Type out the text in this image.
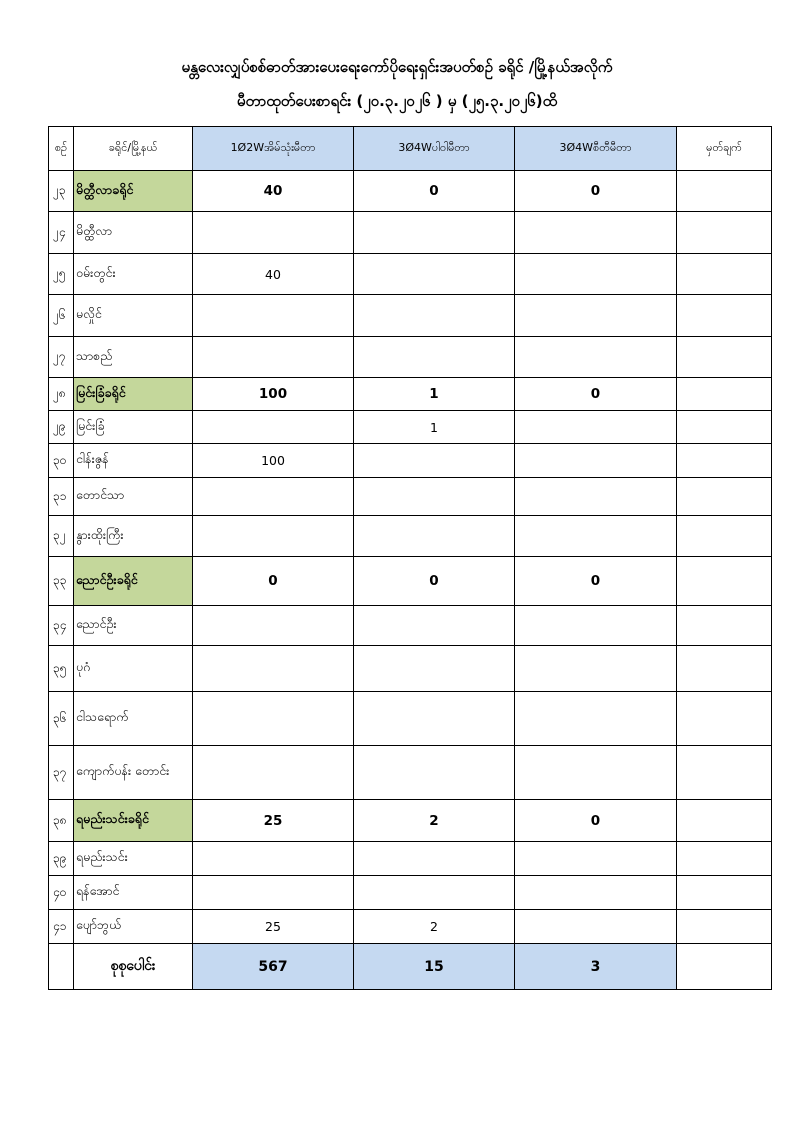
မန္တလေးလျှပ်စစ်ဓာတ်အားပေးရေးကော်ပိုရေးရှင်းအပတ်စဉ် ခရိုင် /မြို့နယ်အလိုက်
မီတာထုတ်ပေးစာရင်း (၂၀.၃.၂၀၂၆ ) မှ (၂၅.၃.၂၀၂၆)ထိ
စဉ်	ခရိုင်/မြို့နယ်	1Ø2Wအိမ်သုံးမီတာ	3Ø4Wပါဝါမီတာ	3Ø4Wစီတီမီတာ	မှတ်ချက်
၂၃	မိတ္ထီလာခရိုင်	40	0	0	
၂၄	မိတ္ထီလာ				
၂၅	ဝမ်းတွင်း	40			
၂၆	မလှိုင်				
၂၇	သာစည်				
၂၈	မြင်းခြံခရိုင်	100	1	0	
၂၉	မြင်းခြံ		1		
၃၀	ငါန်းဇွန်	100			
၃၁	တောင်သာ				
၃၂	နွားထိုးကြီး				
၃၃	ညောင်ဦးခရိုင်	0	0	0	
၃၄	ညောင်ဦး				
၃၅	ပုဂံ				
၃၆	ငါသရောက်				
၃၇	ကျောက်ပန်း တောင်း				
၃၈	ရမည်းသင်းခရိုင်	25	2	0	
၃၉	ရမည်းသင်း				
၄၀	ရန်အောင်				
၄၁	ပျော်ဘွယ်	25	2		
	စုစုပေါင်း	567	15	3	
